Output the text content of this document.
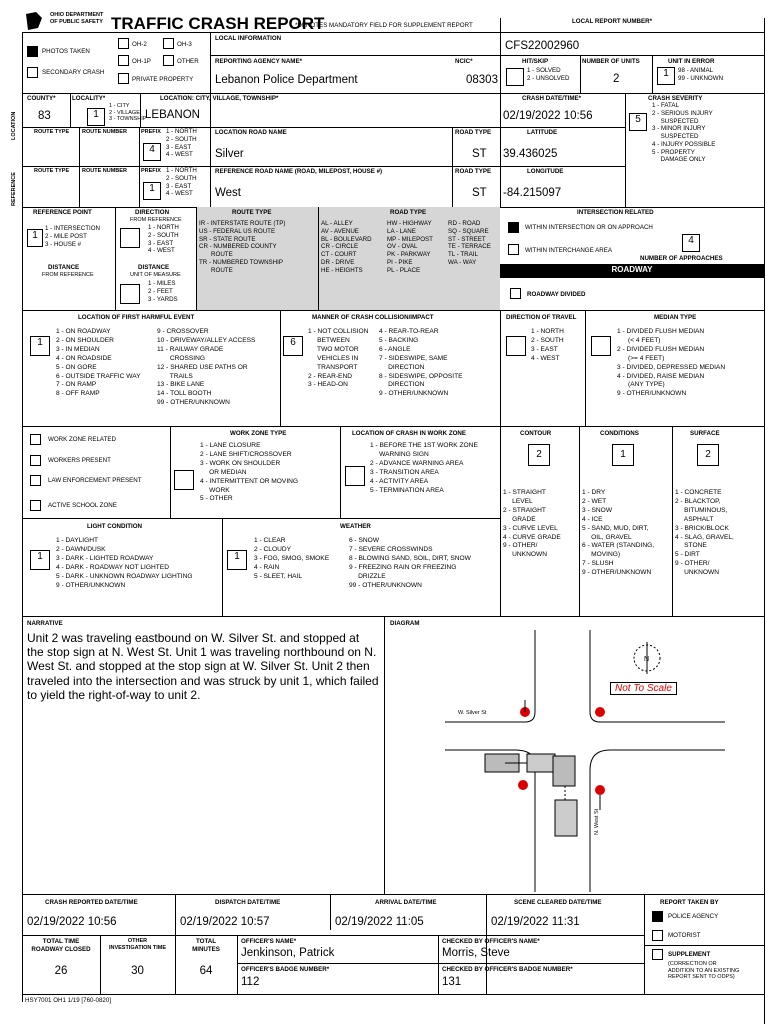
OHIO DEPARTMENT OF PUBLIC SAFETY TRAFFIC CRASH REPORT
*DENOTES MANDATORY FIELD FOR SUPPLEMENT REPORT
LOCAL REPORT NUMBER*
PHOTOS TAKEN
OH-2	OH-3
OH-1P	OTHER
SECONDARY CRASH
PRIVATE PROPERTY
LOCAL INFORMATION
CFS22002960
REPORTING AGENCY NAME*
Lebanon Police Department
NCIC*
08303
HIT/SKIP
1 - SOLVED
2 - UNSOLVED
NUMBER OF UNITS
2
UNIT IN ERROR
1	98 - ANIMAL
99 - UNKNOWN
LOCATION
REFERENCE
COUNTY*
83
LOCALITY*
1
1 - CITY
2 - VILLAGE
3 - TOWNSHIP
LOCATION: CITY, VILLAGE, TOWNSHIP*
LEBANON
CRASH DATE/TIME*
02/19/2022 10:56
CRASH SEVERITY
5
1 - FATAL
2 - SERIOUS INJURY
SUSPECTED
3 - MINOR INJURY
SUSPECTED
4 - INJURY POSSIBLE
5 - PROPERTY
DAMAGE ONLY
ROUTE TYPE ROUTE NUMBER	PREFIX
4
1 - NORTH
2 - SOUTH
3 - EAST
4 - WEST
LOCATION ROAD NAME
Silver
ROAD TYPE
ST
LATITUDE
39.436025
ROUTE TYPE ROUTE NUMBER	PREFIX
1
1 - NORTH
2 - SOUTH
3 - EAST
4 - WEST
REFERENCE ROAD NAME (ROAD, MILEPOST, HOUSE #)
West
ROAD TYPE
ST
LONGITUDE
-84.215097
REFERENCE POINT
1
1 - INTERSECTION
2 - MILE POST
3 - HOUSE #
DIRECTION
FROM REFERENCE
1 - NORTH
2 - SOUTH
3 - EAST
4 - WEST
DISTANCE
FROM REFERENCE
DISTANCE
UNIT OF MEASURE
1 - MILES
2 - FEET
3 - YARDS
ROUTE TYPE
IR - INTERSTATE ROUTE (TP)
US - FEDERAL US ROUTE
SR - STATE ROUTE
CR - NUMBERED COUNTY
ROUTE
TR - NUMBERED TOWNSHIP
ROUTE
ROAD TYPE
AL - ALLEY
AV - AVENUE
BL - BOULEVARD
CR - CIRCLE
CT - COURT
DR - DRIVE
HE - HEIGHTS
HW - HIGHWAY
LA - LANE
MP - MILEPOST
OV - OVAL
PK - PARKWAY
PI - PIKE
PL - PLACE
RD - ROAD
SQ - SQUARE
ST - STREET
TE - TERRACE
TL - TRAIL
WA - WAY
INTERSECTION RELATED
WITHIN INTERSECTION OR ON APPROACH
WITHIN INTERCHANGE AREA
4
NUMBER OF APPROACHES
ROADWAY
ROADWAY DIVIDED
LOCATION OF FIRST HARMFUL EVENT
1
1 - ON ROADWAY
2 - ON SHOULDER
3 - IN MEDIAN
4 - ON ROADSIDE
5 - ON GORE
6 - OUTSIDE TRAFFIC WAY
7 - ON RAMP
8 - OFF RAMP
9 - CROSSOVER
10 - DRIVEWAY/ALLEY ACCESS
11 - RAILWAY GRADE
CROSSING
12 - SHARED USE PATHS OR
TRAILS
13 - BIKE LANE
14 - TOLL BOOTH
99 - OTHER/UNKNOWN
MANNER OF CRASH COLLISION/IMPACT
6
1 - NOT COLLISION
BETWEEN
TWO MOTOR
VEHICLES IN
TRANSPORT
2 - REAR-END
3 - HEAD-ON
4 - REAR-TO-REAR
5 - BACKING
6 - ANGLE
7 - SIDESWIPE, SAME
DIRECTION
8 - SIDESWIPE, OPPOSITE
DIRECTION
9 - OTHER/UNKNOWN
DIRECTION OF TRAVEL
1 - NORTH
2 - SOUTH
3 - EAST
4 - WEST
MEDIAN TYPE
1 - DIVIDED FLUSH MEDIAN
(< 4 FEET)
2 - DIVIDED FLUSH MEDIAN
(>= 4 FEET)
3 - DIVIDED, DEPRESSED MEDIAN
4 - DIVIDED, RAISE MEDIAN
(ANY TYPE)
9 - OTHER/UNKNOWN
WORK ZONE RELATED
WORKERS PRESENT
LAW ENFORCEMENT PRESENT
ACTIVE SCHOOL ZONE
WORK ZONE TYPE
1 - LANE CLOSURE
2 - LANE SHIFT/CROSSOVER
3 - WORK ON SHOULDER
OR MEDIAN
4 - INTERMITTENT OR MOVING
WORK
5 - OTHER
LOCATION OF CRASH IN WORK ZONE
1 - BEFORE THE 1ST WORK ZONE
WARNING SIGN
2 - ADVANCE WARNING AREA
3 - TRANSITION AREA
4 - ACTIVITY AREA
5 - TERMINATION AREA
CONTOUR
2
1 - STRAIGHT
LEVEL
2 - STRAIGHT
GRADE
3 - CURVE LEVEL
4 - CURVE GRADE
9 - OTHER/
UNKNOWN
CONDITIONS
1
1 - DRY
2 - WET
3 - SNOW
4 - ICE
5 - SAND, MUD, DIRT,
OIL, GRAVEL
6 - WATER (STANDING,
MOVING)
7 - SLUSH
9 - OTHER/UNKNOWN
SURFACE
2
1 - CONCRETE
2 - BLACKTOP,
BITUMINOUS,
ASPHALT
3 - BRICK/BLOCK
4 - SLAG, GRAVEL,
STONE
5 - DIRT
9 - OTHER/
UNKNOWN
LIGHT CONDITION
1
1 - DAYLIGHT
2 - DAWN/DUSK
3 - DARK - LIGHTED ROADWAY
4 - DARK - ROADWAY NOT LIGHTED
5 - DARK - UNKNOWN ROADWAY LIGHTING
9 - OTHER/UNKNOWN
WEATHER
1
1 - CLEAR
2 - CLOUDY
3 - FOG, SMOG, SMOKE
4 - RAIN
5 - SLEET, HAIL
6 - SNOW
7 - SEVERE CROSSWINDS
8 - BLOWING SAND, SOIL, DIRT, SNOW
9 - FREEZING RAIN OR FREEZING
DRIZZLE
99 - OTHER/UNKNOWN
NARRATIVE
Unit 2 was traveling eastbound on W. Silver St. and stopped at the stop sign at N. West St. Unit 1 was traveling northbound on N. West St. and stopped at the stop sign at W. Silver St. Unit 2 then traveled into the intersection and was struck by unit 1, which failed to yield the right-of-way to unit 2.
DIAGRAM
N
Not To Scale
W. Silver St
N. West St
CRASH REPORTED DATE/TIME
02/19/2022 10:56
DISPATCH DATE/TIME
02/19/2022 10:57
ARRIVAL DATE/TIME
02/19/2022 11:05
SCENE CLEARED DATE/TIME
02/19/2022 11:31
REPORT TAKEN BY
POLICE AGENCY
MOTORIST
TOTAL TIME
ROADWAY CLOSED
26
OTHER
INVESTIGATION TIME
30
TOTAL
MINUTES
64
OFFICER'S NAME*
Jenkinson, Patrick
CHECKED BY OFFICER'S NAME*
Morris, Steve
OFFICER'S BADGE NUMBER*
112
CHECKED BY OFFICER'S BADGE NUMBER*
131
SUPPLEMENT
(CORRECTION OR
ADDITION TO AN EXISTING
REPORT SENT TO ODPS)
HSY7001 OH1 1/19 [760-0820]
